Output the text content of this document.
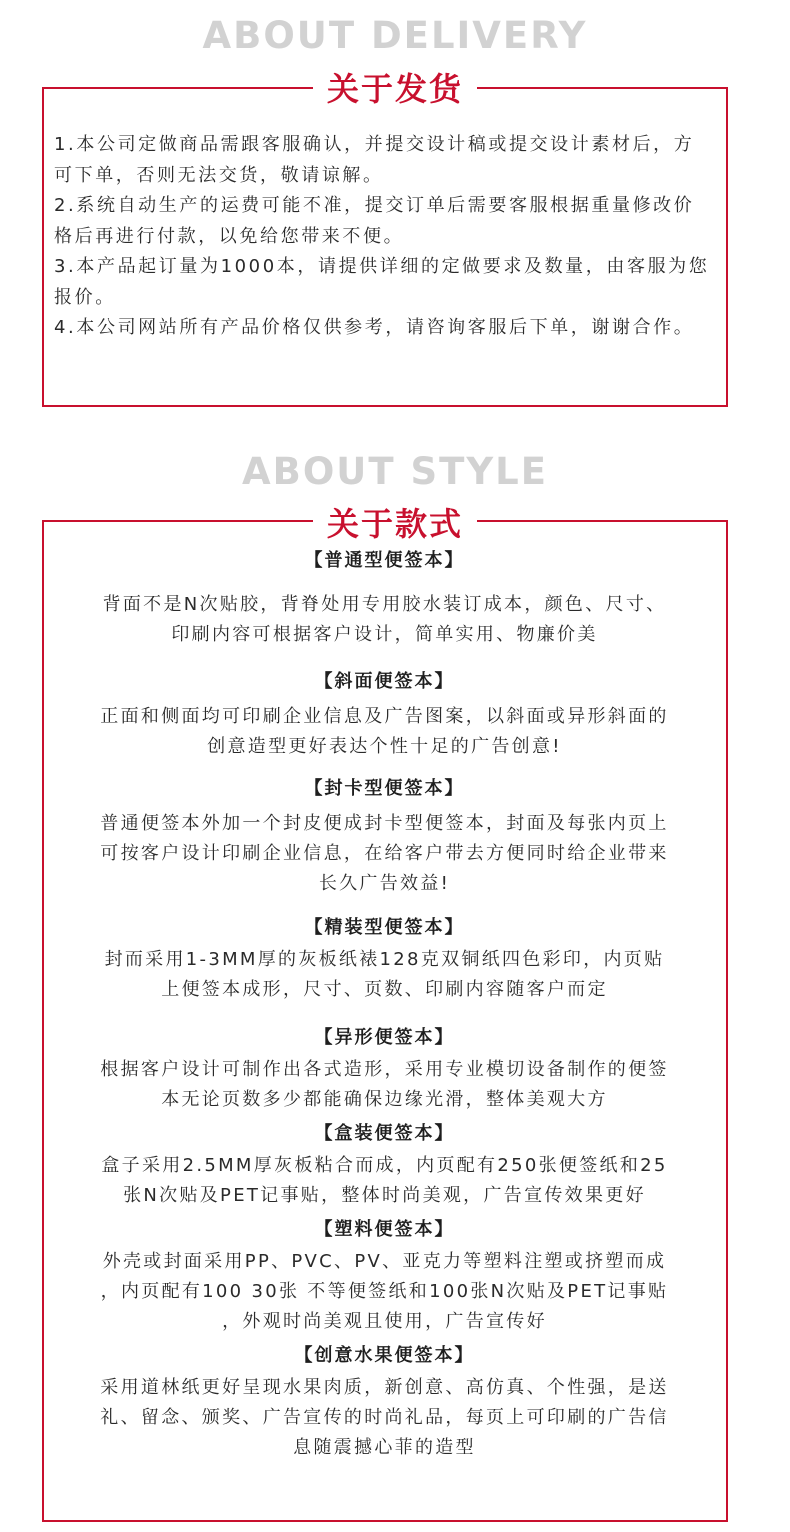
ABOUT DELIVERY
关于发货

1.本公司定做商品需跟客服确认，并提交设计稿或提交设计素材后，方可下单，否则无法交货，敬请谅解。

2.系统自动生产的运费可能不准，提交订单后需要客服根据重量修改价格后再进行付款，以免给您带来不便。

3.本产品起订量为1000本，请提供详细的定做要求及数量，由客服为您报价。

4.本公司网站所有产品价格仅供参考，请咨询客服后下单，谢谢合作。

ABOUT STYLE
关于款式
【普通型便签本】
背面不是N次贴胶，背脊处用专用胶水装订成本，颜色、尺寸、
印刷内容可根据客户设计，简单实用、物廉价美
【斜面便签本】
正面和侧面均可印刷企业信息及广告图案，以斜面或异形斜面的
创意造型更好表达个性十足的广告创意!
【封卡型便签本】
普通便签本外加一个封皮便成封卡型便签本，封面及每张内页上
可按客户设计印刷企业信息，在给客户带去方便同时给企业带来
长久广告效益!
【精装型便签本】
封而采用1-3MM厚的灰板纸裱128克双铜纸四色彩印，内页贴
上便签本成形，尺寸、页数、印刷内容随客户而定
【异形便签本】
根据客户设计可制作出各式造形，采用专业模切设备制作的便签
本无论页数多少都能确保边缘光滑，整体美观大方
【盒装便签本】
盒子采用2.5MM厚灰板粘合而成，内页配有250张便签纸和25
张N次贴及PET记事贴，整体时尚美观，广告宣传效果更好
【塑料便签本】
外壳或封面采用PP、PVC、PV、亚克力等塑料注塑或挤塑而成
，内页配有100 30张 不等便签纸和100张N次贴及PET记事贴
，外观时尚美观且使用，广告宣传好
【创意水果便签本】
采用道林纸更好呈现水果肉质，新创意、高仿真、个性强，是送
礼、留念、颁奖、广告宣传的时尚礼品，每页上可印刷的广告信
息随震撼心菲的造型
